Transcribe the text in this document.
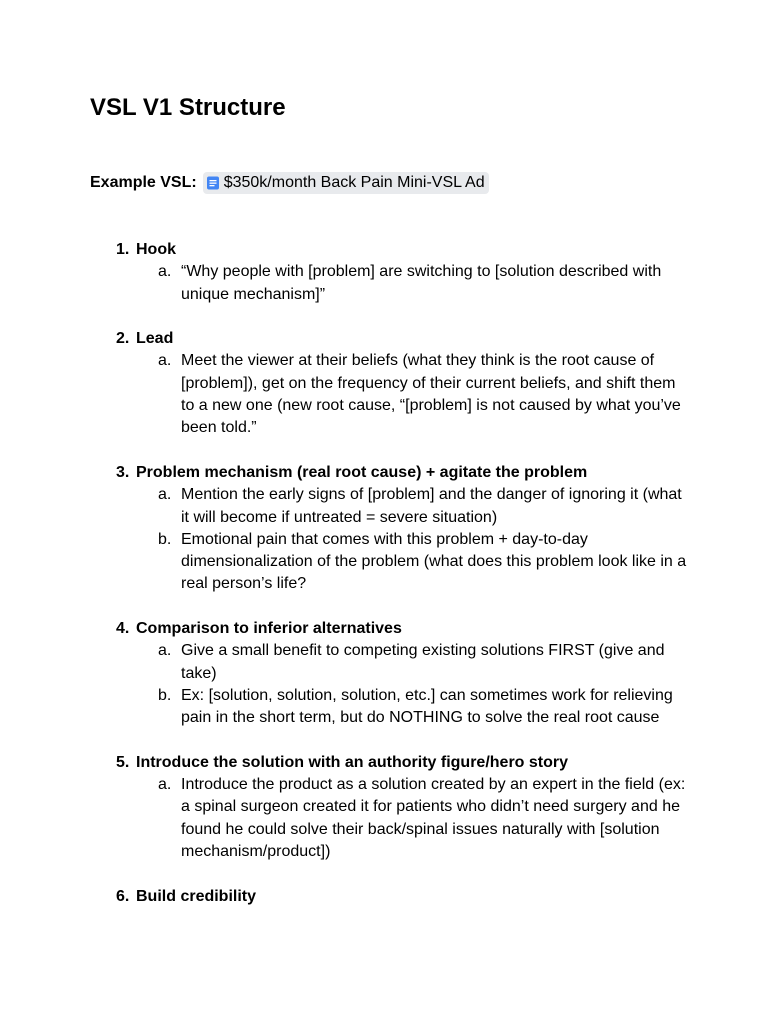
VSL V1 Structure
Example VSL: $350k/month Back Pain Mini-VSL Ad
1. Hook
a. “Why people with [problem] are switching to [solution described with unique mechanism]”
2. Lead
a. Meet the viewer at their beliefs (what they think is the root cause of [problem]), get on the frequency of their current beliefs, and shift them to a new one (new root cause, “[problem] is not caused by what you’ve been told.”
3. Problem mechanism (real root cause) + agitate the problem
a. Mention the early signs of [problem] and the danger of ignoring it (what it will become if untreated = severe situation)
b. Emotional pain that comes with this problem + day-to-day dimensionalization of the problem (what does this problem look like in a real person’s life?
4. Comparison to inferior alternatives
a. Give a small benefit to competing existing solutions FIRST (give and take)
b. Ex: [solution, solution, solution, etc.] can sometimes work for relieving pain in the short term, but do NOTHING to solve the real root cause
5. Introduce the solution with an authority figure/hero story
a. Introduce the product as a solution created by an expert in the field (ex: a spinal surgeon created it for patients who didn’t need surgery and he found he could solve their back/spinal issues naturally with [solution mechanism/product])
6. Build credibility
